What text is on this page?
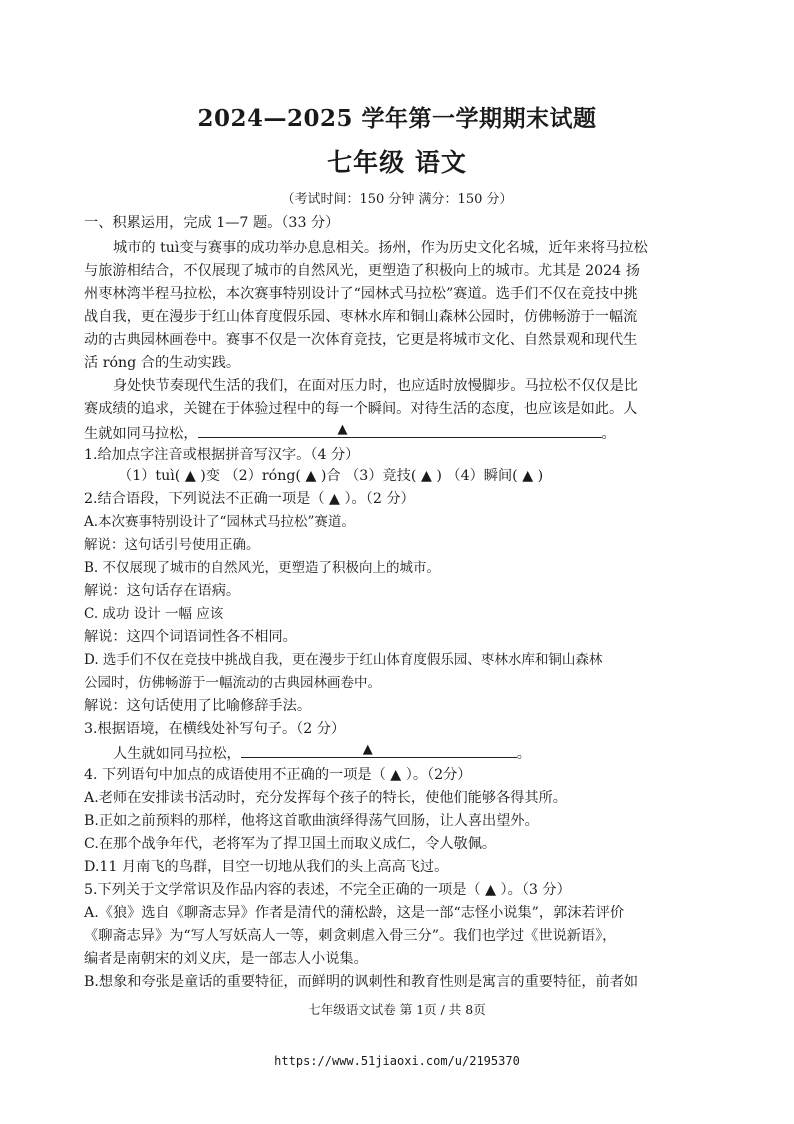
2024—2025 学年第一学期期末试题
七年级 语文
（考试时间：150 分钟 满分：150 分）
一、积累运用，完成 1—7 题。（33 分）
城市的 tuì变与赛事的成功举办息息相关。扬州，作为历史文化名城，近年来将马拉松
与旅游相结合，不仅展现了城市的自然风光，更塑造了积极向上的城市。尤其是 2024 扬
州枣林湾半程马拉松，本次赛事特别设计了“园林式马拉松”赛道。选手们不仅在竞技中挑
战自我，更在漫步于红山体育度假乐园、枣林水库和铜山森林公园时，仿佛畅游于一幅流
动的古典园林画卷中。赛事不仅是一次体育竞技，它更是将城市文化、自然景观和现代生
活 róng 合的生动实践。
身处快节奏现代生活的我们，在面对压力时，也应适时放慢脚步。马拉松不仅仅是比
赛成绩的追求，关键在于体验过程中的每一个瞬间。对待生活的态度，也应该是如此。人
生就如同马拉松，	▲	。
1.给加点字注音或根据拼音写汉字。（4 分）
（1）tuì( ▲ )变 （2）róng( ▲ )合 （3）竞技( ▲ ) （4）瞬间( ▲ )
2.结合语段，下列说法不正确一项是（ ▲ ）。（2 分）
A.本次赛事特别设计了“园林式马拉松”赛道。
解说：这句话引号使用正确。
B. 不仅展现了城市的自然风光，更塑造了积极向上的城市。
解说：这句话存在语病。
C. 成功 设计 一幅 应该
解说：这四个词语词性各不相同。
D. 选手们不仅在竞技中挑战自我，更在漫步于红山体育度假乐园、枣林水库和铜山森林
公园时，仿佛畅游于一幅流动的古典园林画卷中。
解说：这句话使用了比喻修辞手法。
3.根据语境，在横线处补写句子。（2 分）
人生就如同马拉松，	▲	。
4. 下列语句中加点的成语使用不正确的一项是（ ▲ ）。（2分）
A.老师在安排读书活动时，充分发挥每个孩子的特长，使他们能够各得其所。
B.正如之前预料的那样，他将这首歌曲演绎得荡气回肠，让人喜出望外。
C.在那个战争年代，老将军为了捍卫国土而取义成仁，令人敬佩。
D.11 月南飞的鸟群，目空一切地从我们的头上高高飞过。
5.下列关于文学常识及作品内容的表述，不完全正确的一项是（ ▲ ）。（3 分）
A.《狼》选自《聊斋志异》作者是清代的蒲松龄，这是一部“志怪小说集”，郭沫若评价
《聊斋志异》为“写人写妖高人一等，刺贪刺虐入骨三分”。我们也学过《世说新语》，
编者是南朝宋的刘义庆，是一部志人小说集。
B.想象和夸张是童话的重要特征，而鲜明的讽刺性和教育性则是寓言的重要特征，前者如
七年级语文试卷 第 1页 / 共 8页
https://www.51jiaoxi.com/u/2195370
